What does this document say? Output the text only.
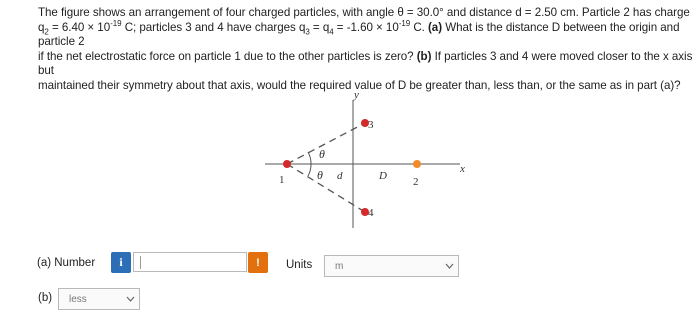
The figure shows an arrangement of four charged particles, with angle θ = 30.0° and distance d = 2.50 cm. Particle 2 has charge
$q_2 = 6.40 \times 10^{-19}$ C; particles 3 and 4 have charges $q_3 = q_4 = -1.60 \times 10^{-19}$ C. (a) What is the distance D between the origin and particle 2
if the net electrostatic force on particle 1 due to the other particles is zero? (b) If particles 3 and 4 were moved closer to the x axis but
maintained their symmetry about that axis, would the required value of D be greater than, less than, or the same as in part (a)?
y
x
θ
θ d	D
1	2
3
4
(a) Number	i	!	Units	m
(b)	less
